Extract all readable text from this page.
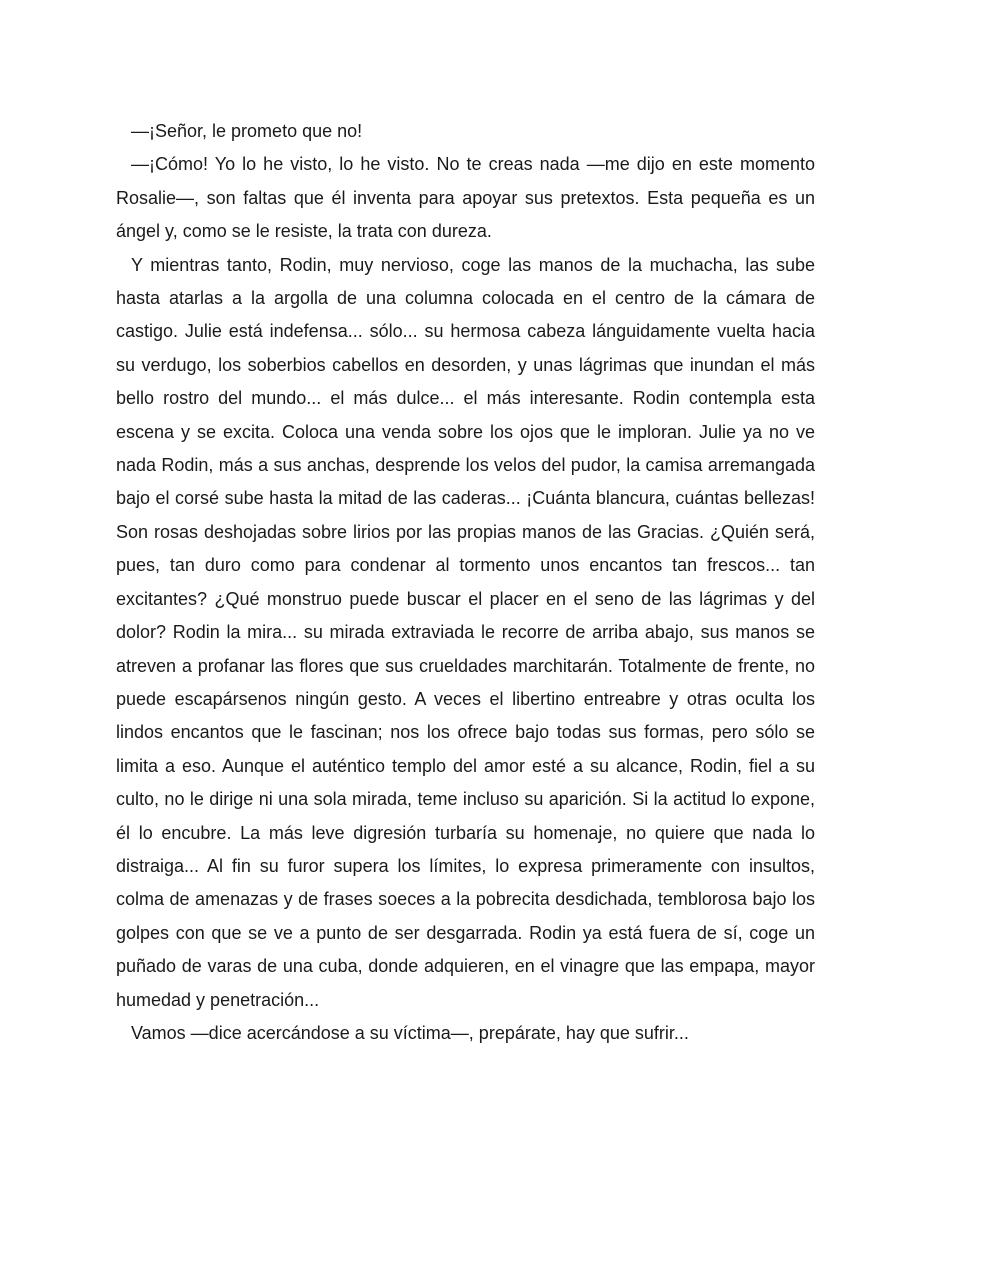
—¡Señor, le prometo que no!

—¡Cómo! Yo lo he visto, lo he visto. No te creas nada —me dijo en este momento Rosalie—, son faltas que él inventa para apoyar sus pretextos. Esta pequeña es un ángel y, como se le resiste, la trata con dureza.

Y mientras tanto, Rodin, muy nervioso, coge las manos de la muchacha, las sube hasta atarlas a la argolla de una columna colocada en el centro de la cámara de castigo. Julie está indefensa... sólo... su hermosa cabeza lánguidamente vuelta hacia su verdugo, los soberbios cabellos en desorden, y unas lágrimas que inundan el más bello rostro del mundo... el más dulce... el más interesante. Rodin contempla esta escena y se excita. Coloca una venda sobre los ojos que le imploran. Julie ya no ve nada Rodin, más a sus anchas, desprende los velos del pudor, la camisa arremangada bajo el corsé sube hasta la mitad de las caderas... ¡Cuánta blancura, cuántas bellezas! Son rosas deshojadas sobre lirios por las propias manos de las Gracias. ¿Quién será, pues, tan duro como para condenar al tormento unos encantos tan frescos... tan excitantes? ¿Qué monstruo puede buscar el placer en el seno de las lágrimas y del dolor? Rodin la mira... su mirada extraviada le recorre de arriba abajo, sus manos se atreven a profanar las flores que sus crueldades marchitarán. Totalmente de frente, no puede escapársenos ningún gesto. A veces el libertino entreabre y otras oculta los lindos encantos que le fascinan; nos los ofrece bajo todas sus formas, pero sólo se limita a eso. Aunque el auténtico templo del amor esté a su alcance, Rodin, fiel a su culto, no le dirige ni una sola mirada, teme incluso su aparición. Si la actitud lo expone, él lo encubre. La más leve digresión turbaría su homenaje, no quiere que nada lo distraiga... Al fin su furor supera los límites, lo expresa primeramente con insultos, colma de amenazas y de frases soeces a la pobrecita desdichada, temblorosa bajo los golpes con que se ve a punto de ser desgarrada. Rodin ya está fuera de sí, coge un puñado de varas de una cuba, donde adquieren, en el vinagre que las empapa, mayor humedad y penetración...

Vamos —dice acercándose a su víctima—, prepárate, hay que sufrir...
